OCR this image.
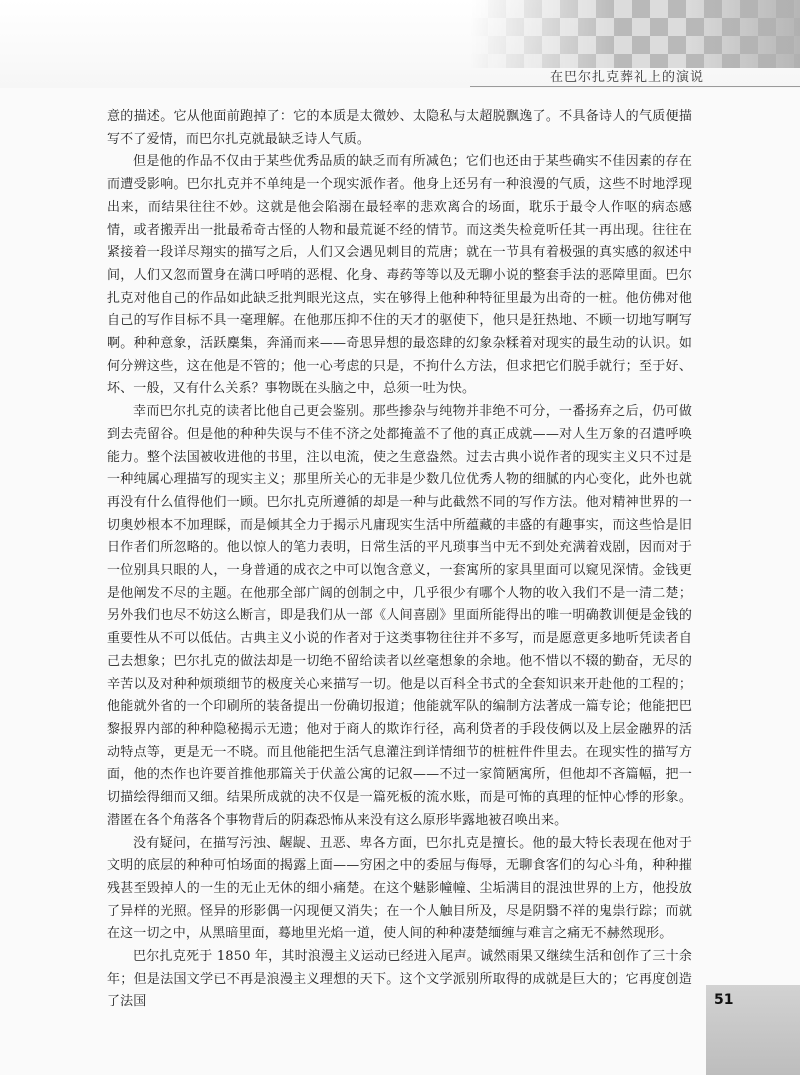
在巴尔扎克葬礼上的演说

意的描述。它从他面前跑掉了：它的本质是太微妙、太隐私与太超脱飘逸了。不具备诗人的气质便描写不了爱情，而巴尔扎克就最缺乏诗人气质。

但是他的作品不仅由于某些优秀品质的缺乏而有所减色；它们也还由于某些确实不佳因素的存在而遭受影响。巴尔扎克并不单纯是一个现实派作者。他身上还另有一种浪漫的气质，这些不时地浮现出来，而结果往往不妙。这就是他会陷溺在最轻率的悲欢离合的场面，耽乐于最令人作呕的病态感情，或者搬弄出一批最希奇古怪的人物和最荒诞不经的情节。而这类失检竟听任其一再出现。往往在紧接着一段详尽翔实的描写之后，人们又会遇见刺目的荒唐；就在一节具有着极强的真实感的叙述中间，人们又忽而置身在满口呼哨的恶棍、化身、毒药等等以及无聊小说的整套手法的恶障里面。巴尔扎克对他自己的作品如此缺乏批判眼光这点，实在够得上他种种特征里最为出奇的一桩。他仿佛对他自己的写作目标不具一毫理解。在他那压抑不住的天才的驱使下，他只是狂热地、不顾一切地写啊写啊。种种意象，活跃麇集，奔涌而来——奇思异想的最恣肆的幻象杂糅着对现实的最生动的认识。如何分辨这些，这在他是不管的；他一心考虑的只是，不拘什么方法，但求把它们脱手就行；至于好、坏、一般，又有什么关系？事物既在头脑之中，总须一吐为快。

幸而巴尔扎克的读者比他自己更会鉴别。那些掺杂与纯物并非绝不可分，一番扬弃之后，仍可做到去壳留谷。但是他的种种失误与不佳不济之处都掩盖不了他的真正成就——对人生万象的召遣呼唤能力。整个法国被收进他的书里，注以电流，使之生意盎然。过去古典小说作者的现实主义只不过是一种纯属心理描写的现实主义；那里所关心的无非是少数几位优秀人物的细腻的内心变化，此外也就再没有什么值得他们一顾。巴尔扎克所遵循的却是一种与此截然不同的写作方法。他对精神世界的一切奥妙根本不加理睬，而是倾其全力于揭示凡庸现实生活中所蕴藏的丰盛的有趣事实，而这些恰是旧日作者们所忽略的。他以惊人的笔力表明，日常生活的平凡琐事当中无不到处充满着戏剧，因而对于一位别具只眼的人，一身普通的成衣之中可以饱含意义，一套寓所的家具里面可以窥见深情。金钱更是他阐发不尽的主题。在他那全部广阔的创制之中，几乎很少有哪个人物的收入我们不是一清二楚；另外我们也尽不妨这么断言，即是我们从一部《人间喜剧》里面所能得出的唯一明确教训便是金钱的重要性从不可以低估。古典主义小说的作者对于这类事物往往并不多写，而是愿意更多地听凭读者自己去想象；巴尔扎克的做法却是一切绝不留给读者以丝毫想象的余地。他不惜以不辍的勤奋，无尽的辛苦以及对种种烦琐细节的极度关心来描写一切。他是以百科全书式的全套知识来开赴他的工程的；他能就外省的一个印刷所的装备提出一份确切报道；他能就军队的编制方法著成一篇专论；他能把巴黎报界内部的种种隐秘揭示无遗；他对于商人的欺诈行径，高利贷者的手段伎俩以及上层金融界的活动特点等，更是无一不晓。而且他能把生活气息灌注到详情细节的桩桩件件里去。在现实性的描写方面，他的杰作也许要首推他那篇关于伏盖公寓的记叙——不过一家简陋寓所，但他却不吝篇幅，把一切描绘得细而又细。结果所成就的决不仅是一篇死板的流水账，而是可怖的真理的怔忡心悸的形象。潜匿在各个角落各个事物背后的阴森恐怖从来没有这么原形毕露地被召唤出来。

没有疑问，在描写污浊、龌龊、丑恶、卑各方面，巴尔扎克是擅长。他的最大特长表现在他对于文明的底层的种种可怕场面的揭露上面——穷困之中的委屈与侮辱，无聊食客们的勾心斗角，种种摧残甚至毁掉人的一生的无止无休的细小痛楚。在这个魅影幢幢、尘垢满目的混浊世界的上方，他投放了异样的光照。怪异的形影偶一闪现便又消失；在一个人触目所及，尽是阴翳不祥的鬼祟行踪；而就在这一切之中，从黑暗里面，蓦地里光焰一道，使人间的种种凄楚缅缠与难言之痛无不赫然现形。

巴尔扎克死于 1850 年，其时浪漫主义运动已经进入尾声。诚然雨果又继续生活和创作了三十余年；但是法国文学已不再是浪漫主义理想的天下。这个文学派别所取得的成就是巨大的；它再度创造了法国	51
